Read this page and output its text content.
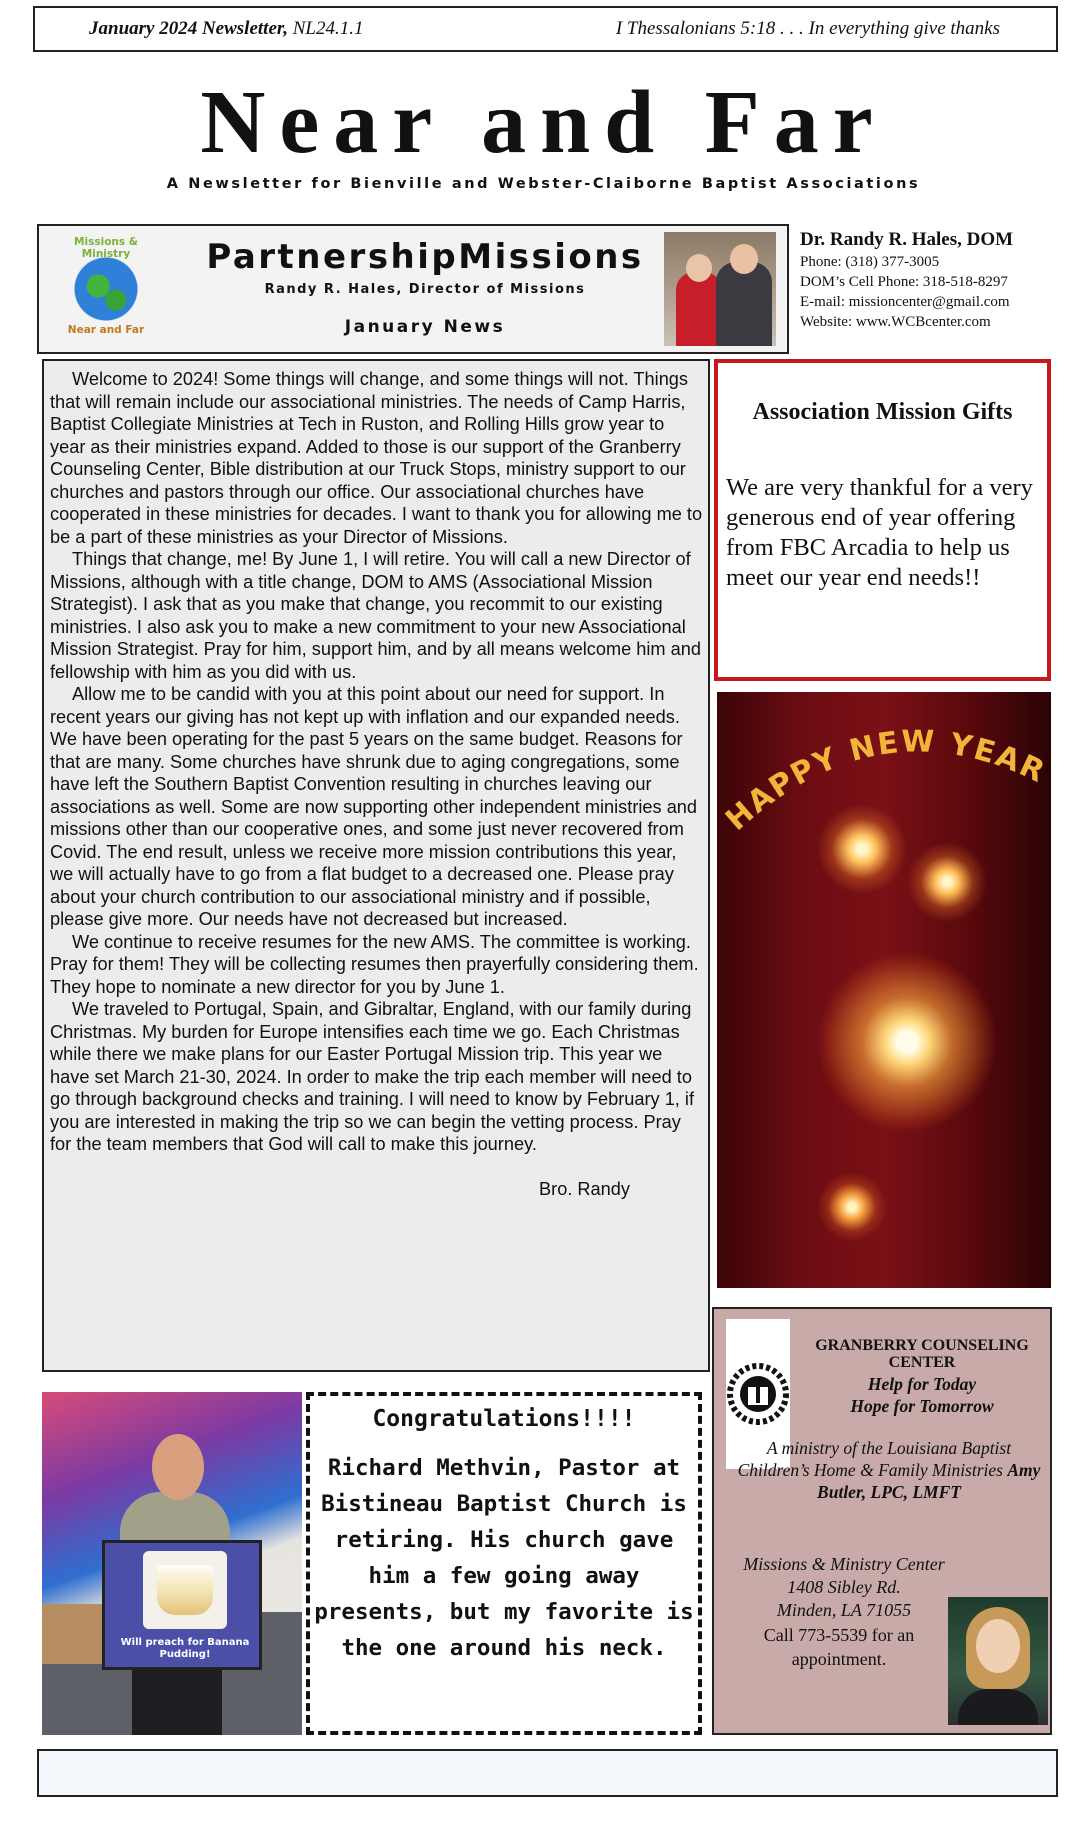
January 2024 Newsletter, NL24.1.1	I Thessalonians 5:18 . . . In everything give thanks
Near and Far
A Newsletter for Bienville and Webster-Claiborne Baptist Associations
Missions & Ministry
Near and Far
PartnershipMissions
Randy R. Hales, Director of Missions
January News
Dr. Randy R. Hales, DOM
Phone: (318) 377-3005
DOM’s Cell Phone: 318-518-8297
E-mail: missioncenter@gmail.com
Website: www.WCBcenter.com

Welcome to 2024! Some things will change, and some things will not. Things that will remain include our associational ministries. The needs of Camp Harris, Baptist Collegiate Ministries at Tech in Ruston, and Rolling Hills grow year to year as their ministries expand. Added to those is our support of the Granberry Counseling Center, Bible distribution at our Truck Stops, ministry support to our churches and pastors through our office. Our associational churches have cooperated in these ministries for decades. I want to thank you for allowing me to be a part of these ministries as your Director of Missions.

Things that change, me! By June 1, I will retire. You will call a new Director of Missions, although with a title change, DOM to AMS (Associational Mission Strategist). I ask that as you make that change, you recommit to our existing ministries. I also ask you to make a new commitment to your new Associational Mission Strategist. Pray for him, support him, and by all means welcome him and fellowship with him as you did with us.

Allow me to be candid with you at this point about our need for support. In recent years our giving has not kept up with inflation and our expanded needs. We have been operating for the past 5 years on the same budget. Reasons for that are many. Some churches have shrunk due to aging congregations, some have left the Southern Baptist Convention resulting in churches leaving our associations as well. Some are now supporting other independent ministries and missions other than our cooperative ones, and some just never recovered from Covid. The end result, unless we receive more mission contributions this year, we will actually have to go from a flat budget to a decreased one. Please pray about your church contribution to our associational ministry and if possible, please give more. Our needs have not decreased but increased.

We continue to receive resumes for the new AMS. The committee is working. Pray for them! They will be collecting resumes then prayerfully considering them. They hope to nominate a new director for you by June 1.

We traveled to Portugal, Spain, and Gibraltar, England, with our family during Christmas. My burden for Europe intensifies each time we go. Each Christmas while there we make plans for our Easter Portugal Mission trip. This year we have set March 21-30, 2024. In order to make the trip each member will need to go through background checks and training. I will need to know by February 1, if you are interested in making the trip so we can begin the vetting process. Pray for the team members that God will call to make this journey.

Bro. Randy

Association Mission Gifts
We are very thankful for a very generous end of year offering from FBC Arcadia to help us meet our year end needs!!
HAPPY NEW YEAR
GRANBERRY COUNSELING CENTER
Help for Today
Hope for Tomorrow
A ministry of the Louisiana Baptist Children’s Home & Family Ministries Amy Butler, LPC, LMFT
Missions & Ministry Center
1408 Sibley Rd.
Minden, LA 71055
Call 773-5539 for an appointment.
Will preach for Banana Pudding!
Congratulations!!!!
Richard Methvin, Pastor at Bistineau Baptist Church is retiring. His church gave him a few going away presents, but my favorite is the one around his neck.
